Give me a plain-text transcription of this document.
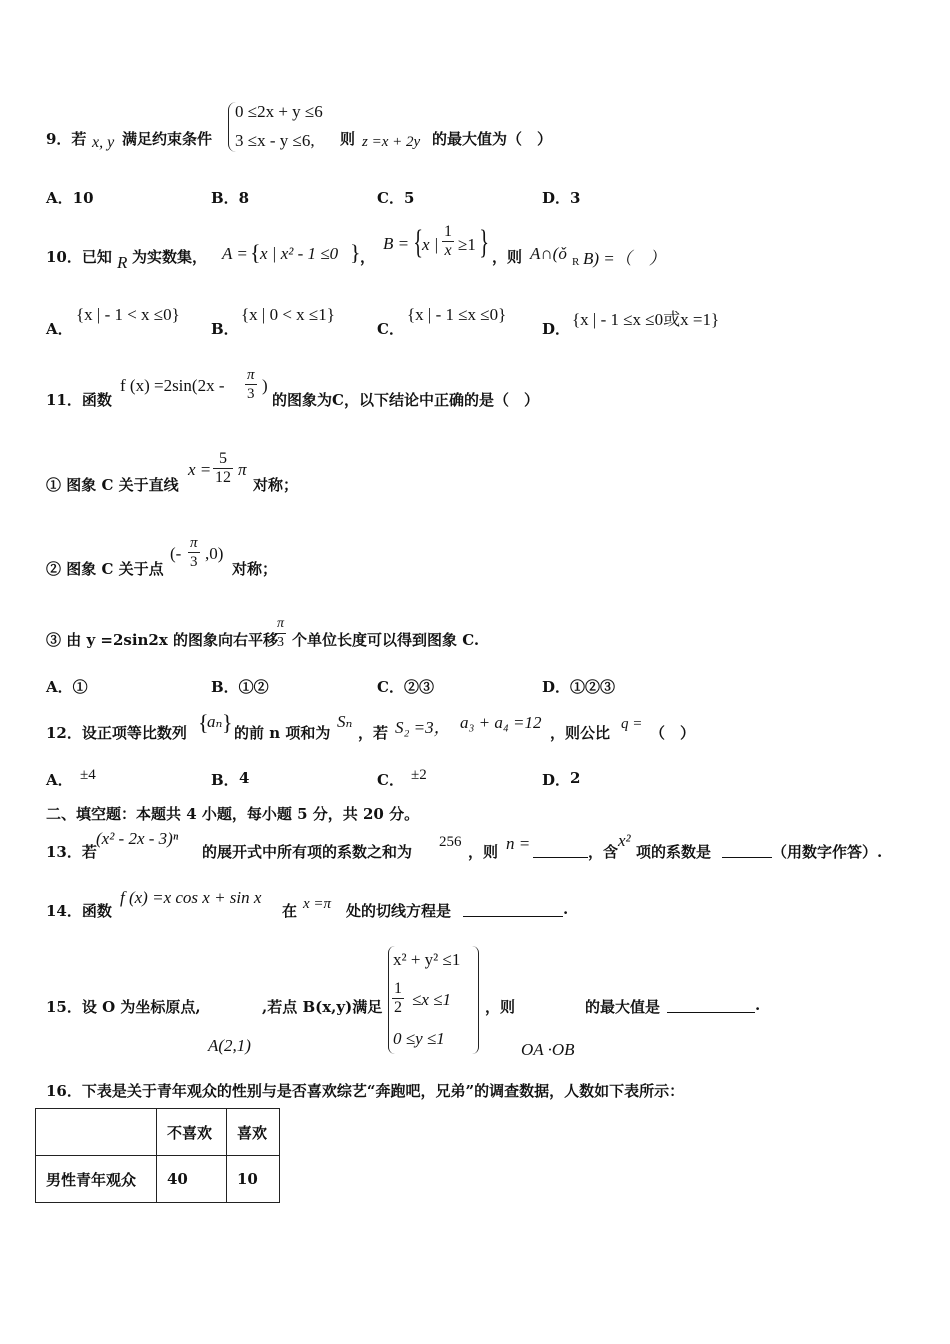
9．若 x, y 满足约束条件
0 ≤2x + y ≤6
3 ≤x - y ≤6, 则 z =x + 2y 的最大值为（　）
A．10	B．8	C．5	D．3
10．已知 R 为实数集， A = { x | x² - 1 ≤0 } ，
B = {
x | $\frac{1}{x} \ge 1$ } ，则 A∩(ǒ R B) =（　）
A．
{x | - 1 < x ≤0}
B．
{x | 0 < x ≤1}
C．
{x | - 1 ≤x ≤0}
D． {x | - 1 ≤x ≤0或x =1}
11．函数
f $(x) =2\sin(2x - \frac{\pi}{3}$ )
的图象为C，以下结论中正确的是（　）
① 图象 C 关于直线
$x = \frac{5}{12}$ π
对称；
② 图象 C 关于点
(- $\frac{\pi}{3} ,0$)
对称；
③ 由 y =2sin2x 的图象向右平移
$\frac{\pi}{3}$ 个单位长度可以得到图象 C.
A．①	B．①②	C．②③	D．①②③
12．设正项等比数列 {
aₙ } 的前 n 项和为
Sₙ
，若 S₂ =3， a₃ + a₄ =12
，则公比 q = （　）
A． ±4	B． 4	C． ±2	D． 2
二、填空题：本题共 4 小题，每小题 5 分，共 20 分。
13．若
(x² - 2x - 3)ⁿ
的展开式中所有项的系数之和为
256
，则 n =	，含
x²
项的系数是	（用数字作答）.
14．函数
f (x) =x cos x + sin x
在 x =π 处的切线方程是	.
15．设 O 为坐标原点,
A(2,1)
,若点 B(x,y)满足
x² + y² ≤1
$\frac{1}{2} \le x \le 1$
0 ≤y ≤1
，则
OA ·OB
的最大值是	.
16．下表是关于青年观众的性别与是否喜欢综艺“奔跑吧，兄弟”的调查数据，人数如下表所示：
	不喜欢	喜欢
男性青年观众	40	10
